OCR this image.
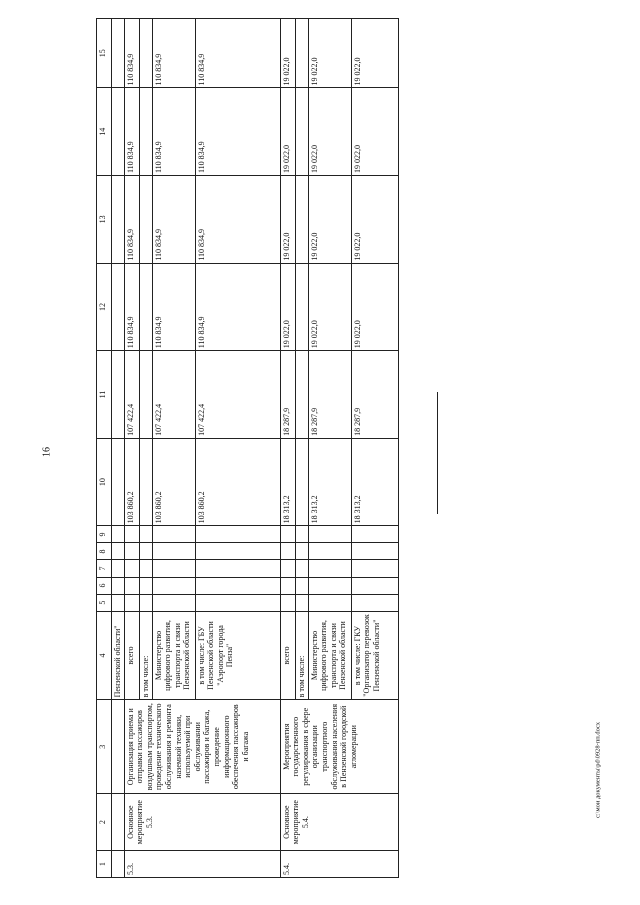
16
c:\мои документы\pd\0928-пп.docx
1	2	3	4	5	6	7	8	9	10	11	12	13	14	15
			Пензенской области"											
5.3.	Основное мероприятие 5.3.	Организация приема и отправки пассажиров воздушным транспортом, проведение технического обслуживания и ремонта наземной техники, используемой при обслуживании пассажиров и багажа, проведение информационного обеспечения пассажиров и багажа	всего						103 860,2	107 422,4	110 834,9	110 834,9	110 834,9	110 834,9
			в том числе:											
			Министерство цифрового развития, транспорта и связи Пензенской области						103 860,2	107 422,4	110 834,9	110 834,9	110 834,9	110 834,9
			в том числе: ГБУ Пензенской области "Аэропорт города Пенза"						103 860,2	107 422,4	110 834,9	110 834,9	110 834,9	110 834,9
5.4.	Основное мероприятие 5.4.	Мероприятия государственного регулирования в сфере организации транспортного обслуживания населения в Пензенской городской агломерации	всего						18 313,2	18 287,9	19 022,0	19 022,0	19 022,0	19 022,0
			в том числе:											
			Министерство цифрового развития, транспорта и связи Пензенской области						18 313,2	18 287,9	19 022,0	19 022,0	19 022,0	19 022,0
			в том числе: ГКУ "Организатор перевозок Пензенской области"						18 313,2	18 287,9	19 022,0	19 022,0	19 022,0	19 022,0
